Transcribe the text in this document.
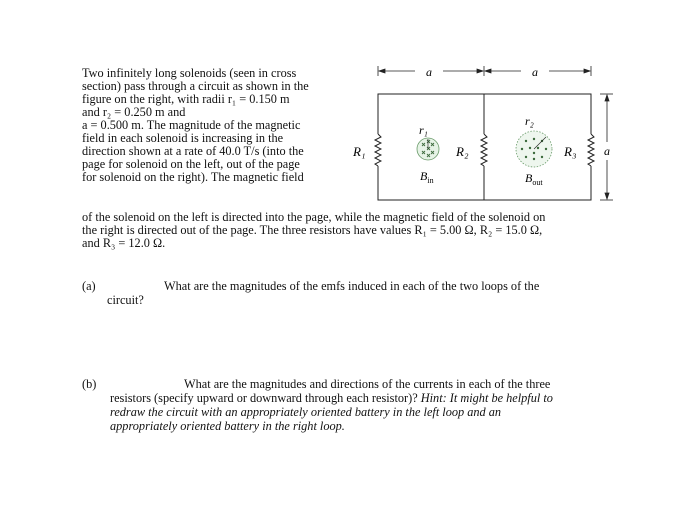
Two infinitely long solenoids (seen in cross
section) pass through a circuit as shown in the
figure on the right, with radii r₁ = 0.150 m
and r₂ = 0.250 m and
a = 0.500 m. The magnitude of the magnetic
field in each solenoid is increasing in the
direction shown at a rate of 40.0 T/s (into the
page for solenoid on the left, out of the page
for solenoid on the right). The magnetic field
of the solenoid on the left is directed into the page, while the magnetic field of the solenoid on
the right is directed out of the page. The three resistors have values R₁ = 5.00 Ω, R₂ = 15.0 Ω,
and R₃ = 12.0 Ω.
a	a
a
R₁	R₂	R₃
r₁
$B_{in}$
r₂
$B_{out}$
(a)	What are the magnitudes of the emfs induced in each of the two loops of the
circuit?
(b)	What are the magnitudes and directions of the currents in each of the three
resistors (specify upward or downward through each resistor)? Hint: It might be helpful to
redraw the circuit with an appropriately oriented battery in the left loop and an
appropriately oriented battery in the right loop.
